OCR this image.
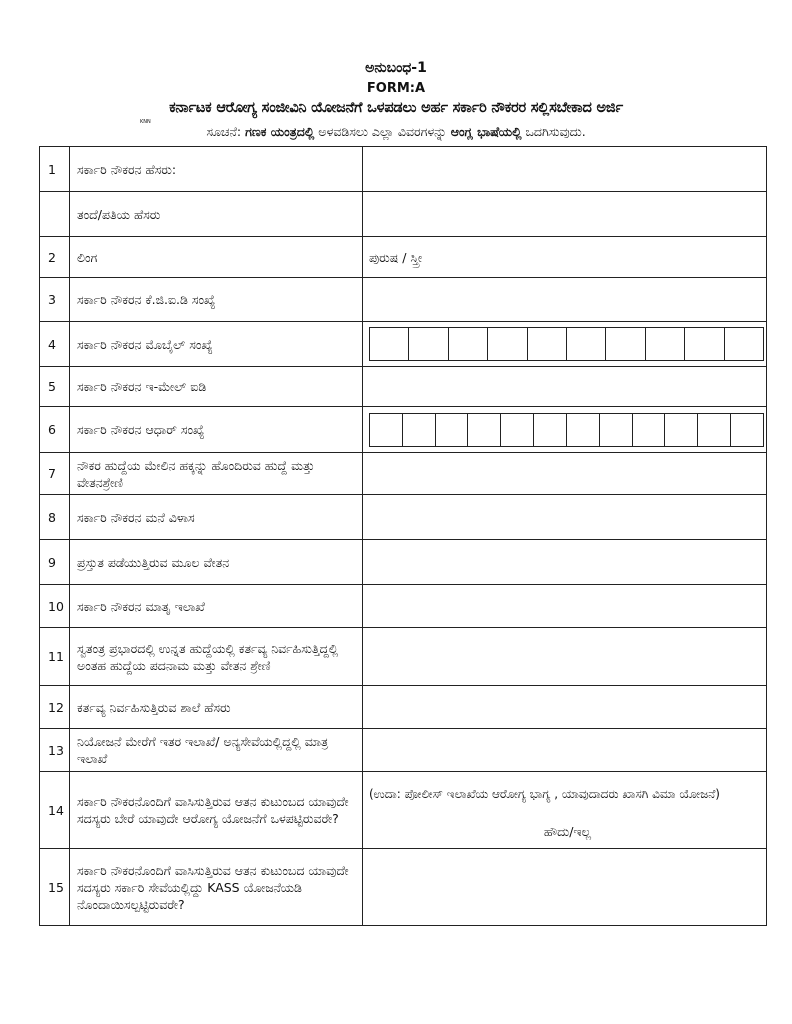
ಅನುಬಂಧ-1
FORM:A
ಕರ್ನಾಟಕ ಆರೋಗ್ಯ ಸಂಜೀವಿನಿ ಯೋಜನೆಗೆ ಒಳಪಡಲು ಅರ್ಹ ಸರ್ಕಾರಿ ನೌಕರರ ಸಲ್ಲಿಸಬೇಕಾದ ಅರ್ಜಿ
KNN
ಸೂಚನೆ: ಗಣಕ ಯಂತ್ರದಲ್ಲಿ ಅಳವಡಿಸಲು ಎಲ್ಲಾ ವಿವರಗಳನ್ನು ಆಂಗ್ಲ ಭಾಷೆಯಲ್ಲಿ ಒದಗಿಸುವುದು.
1	ಸರ್ಕಾರಿ ನೌಕರನ ಹೆಸರು:	
	ತಂದೆ/ಪತಿಯ ಹೆಸರು	
2	ಲಿಂಗ	ಪುರುಷ / ಸ್ತ್ರೀ
3	ಸರ್ಕಾರಿ ನೌಕರನ ಕೆ.ಜಿ.ಐ.ಡಿ ಸಂಖ್ಯೆ	
4	ಸರ್ಕಾರಿ ನೌಕರನ ಮೊಬೈಲ್ ಸಂಖ್ಯೆ	

5	ಸರ್ಕಾರಿ ನೌಕರನ ಇ-ಮೇಲ್ ಐಡಿ	
6	ಸರ್ಕಾರಿ ನೌಕರನ ಆಧಾರ್ ಸಂಖ್ಯೆ	

7	ನೌಕರ ಹುದ್ದೆಯ ಮೇಲಿನ ಹಕ್ಕನ್ನು ಹೊಂದಿರುವ ಹುದ್ದೆ ಮತ್ತು ವೇತನಶ್ರೇಣಿ	
8	ಸರ್ಕಾರಿ ನೌಕರನ ಮನೆ ವಿಳಾಸ	
9	ಪ್ರಸ್ತುತ ಪಡೆಯುತ್ತಿರುವ ಮೂಲ ವೇತನ	
10	ಸರ್ಕಾರಿ ನೌಕರನ ಮಾತೃ ಇಲಾಖೆ	
11	ಸ್ವತಂತ್ರ ಪ್ರಭಾರದಲ್ಲಿ ಉನ್ನತ ಹುದ್ದೆಯಲ್ಲಿ ಕರ್ತವ್ಯ ನಿರ್ವಹಿಸುತ್ತಿದ್ದಲ್ಲಿ ಅಂತಹ ಹುದ್ದೆಯ ಪದನಾಮ ಮತ್ತು ವೇತನ ಶ್ರೇಣಿ	
12	ಕರ್ತವ್ಯ ನಿರ್ವಹಿಸುತ್ತಿರುವ ಶಾಲೆ ಹೆಸರು	
13	ನಿಯೋಜನೆ ಮೇರೆಗೆ ಇತರ ಇಲಾಖೆ/ ಅನ್ಯಸೇವೆಯಲ್ಲಿದ್ದಲ್ಲಿ ಮಾತ್ರ ಇಲಾಖೆ	
14	ಸರ್ಕಾರಿ ನೌಕರನೊಂದಿಗೆ ವಾಸಿಸುತ್ತಿರುವ ಆತನ ಕುಟುಂಬದ ಯಾವುದೇ ಸದಸ್ಯರು ಬೇರೆ ಯಾವುದೇ ಆರೋಗ್ಯ ಯೋಜನೆಗೆ ಒಳಪಟ್ಟಿರುವರೇ?	(ಉದಾ: ಪೋಲೀಸ್ ಇಲಾಖೆಯ ಆರೋಗ್ಯ ಭಾಗ್ಯ , ಯಾವುದಾದರು ಖಾಸಗಿ ವಿಮಾ ಯೋಜನೆ)
ಹೌದು/ಇಲ್ಲ

15	ಸರ್ಕಾರಿ ನೌಕರನೊಂದಿಗೆ ವಾಸಿಸುತ್ತಿರುವ ಆತನ ಕುಟುಂಬದ ಯಾವುದೇ ಸದಸ್ಯರು ಸರ್ಕಾರಿ ಸೇವೆಯಲ್ಲಿದ್ದು KASS ಯೋಜನೆಯಡಿ ನೊಂದಾಯಿಸಲ್ಪಟ್ಟಿರುವರೇ?	
